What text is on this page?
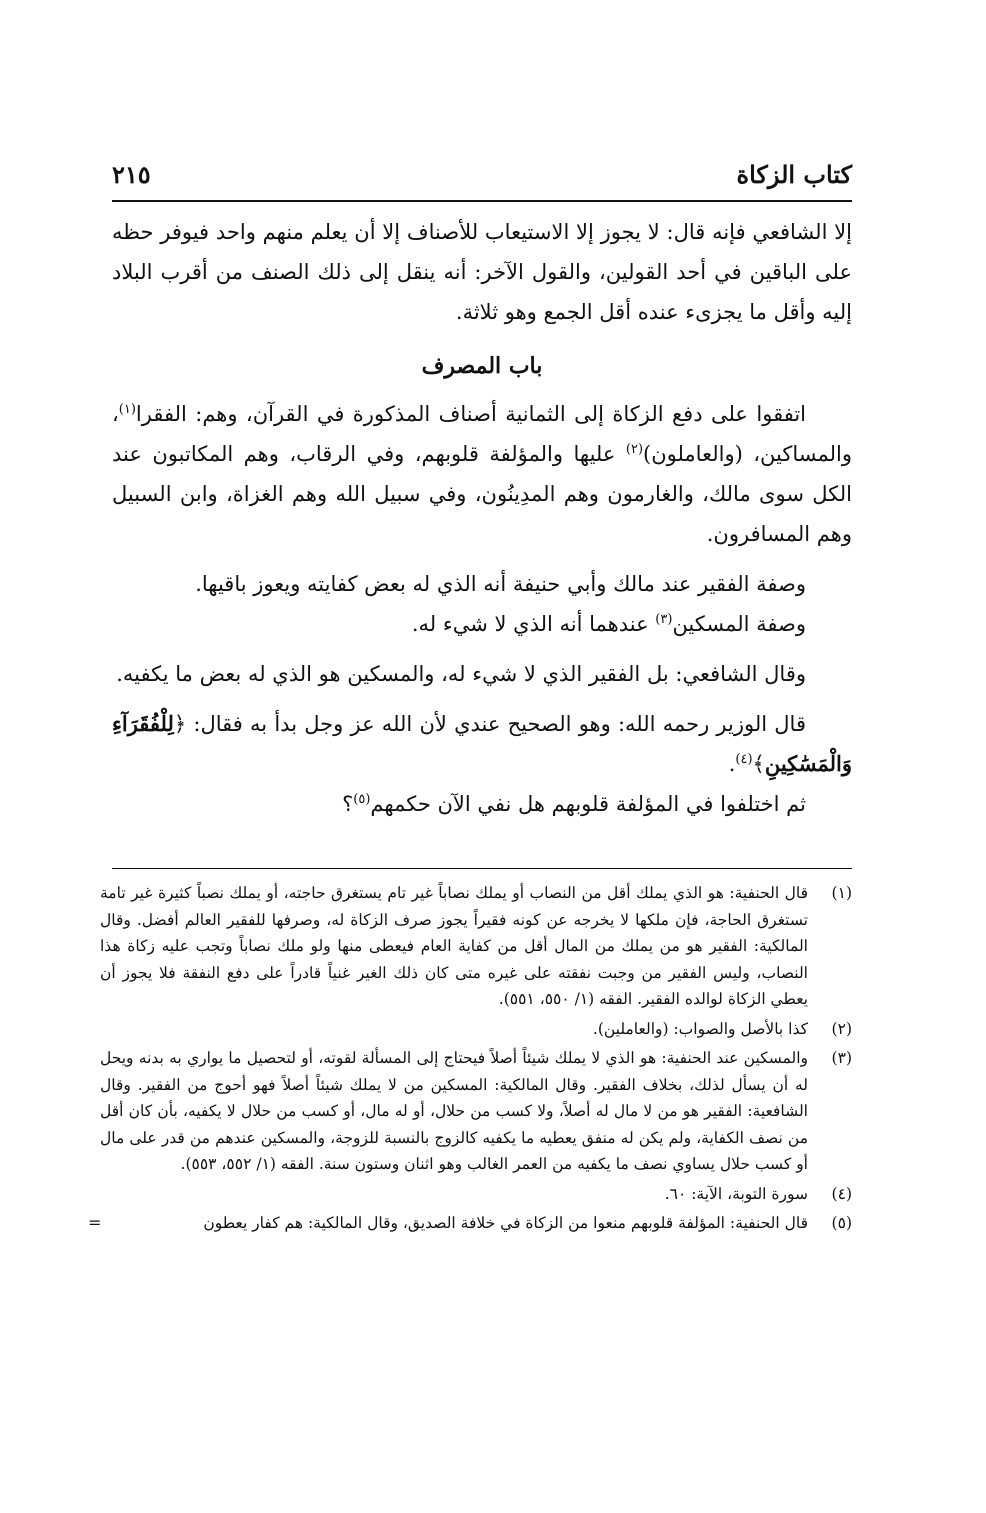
كتاب الزكاة
٢١٥

إلا الشافعي فإنه قال: لا يجوز إلا الاستيعاب للأصناف إلا أن يعلم منهم واحد فيوفر حظه على الباقين في أحد القولين، والقول الآخر: أنه ينقل إلى ذلك الصنف من أقرب البلاد إليه وأقل ما يجزىء عنده أقل الجمع وهو ثلاثة.

باب المصرف

اتفقوا على دفع الزكاة إلى الثمانية أصناف المذكورة في القرآن، وهم: الفقرا$^{(١)}$، والمساكين، (والعاملون)$^{(٢)}$ عليها والمؤلفة قلوبهم، وفي الرقاب، وهم المكاتبون عند الكل سوى مالك، والغارمون وهم المدِينُون، وفي سبيل الله وهم الغزاة، وابن السبيل وهم المسافرون.

وصفة الفقير عند مالك وأبي حنيفة أنه الذي له بعض كفايته ويعوز باقيها.

وصفة المسكين$^{(٣)}$ عندهما أنه الذي لا شيء له.

وقال الشافعي: بل الفقير الذي لا شيء له، والمسكين هو الذي له بعض ما يكفيه.

قال الوزير رحمه الله: وهو الصحيح عندي لأن الله عز وجل بدأ به فقال: ﴿لِلْفُقَرَآءِ وَالْمَسَٰكِينِ﴾$^{(٤)}$.

ثم اختلفوا في المؤلفة قلوبهم هل نفي الآن حكمهم$^{(٥)}$؟

(١)
قال الحنفية: هو الذي يملك أقل من النصاب أو يملك نصاباً غير تام يستغرق حاجته، أو يملك نصباً كثيرة غير تامة تستغرق الحاجة، فإن ملكها لا يخرجه عن كونه فقيراً يجوز صرف الزكاة له، وصرفها للفقير العالم أفضل. وقال المالكية: الفقير هو من يملك من المال أقل من كفاية العام فيعطى منها ولو ملك نصاباً وتجب عليه زكاة هذا النصاب، وليس الفقير من وجبت نفقته على غيره متى كان ذلك الغير غنياً قادراً على دفع النفقة فلا يجوز أن يعطي الزكاة لوالده الفقير. الفقه (١/ ٥٥٠، ٥٥١).
(٢)
كذا بالأصل والصواب: (والعاملين).
(٣)
والمسكين عند الحنفية: هو الذي لا يملك شيئاً أصلاً فيحتاج إلى المسألة لقوته، أو لتحصيل ما يواري به بدنه ويحل له أن يسأل لذلك، بخلاف الفقير. وقال المالكية: المسكين من لا يملك شيئاً أصلاً فهو أحوج من الفقير. وقال الشافعية: الفقير هو من لا مال له أصلاً، ولا كسب من حلال، أو له مال، أو كسب من حلال لا يكفيه، بأن كان أقل من نصف الكفاية، ولم يكن له منفق يعطيه ما يكفيه كالزوج بالنسبة للزوجة، والمسكين عندهم من قدر على مال أو كسب حلال يساوي نصف ما يكفيه من العمر الغالب وهو اثنان وستون سنة. الفقه (١/ ٥٥٢، ٥٥٣).
(٤)
سورة التوبة، الآية: ٦٠.
(٥)
قال الحنفية: المؤلفة قلوبهم منعوا من الزكاة في خلافة الصديق، وقال المالكية: هم كفار يعطون
=
